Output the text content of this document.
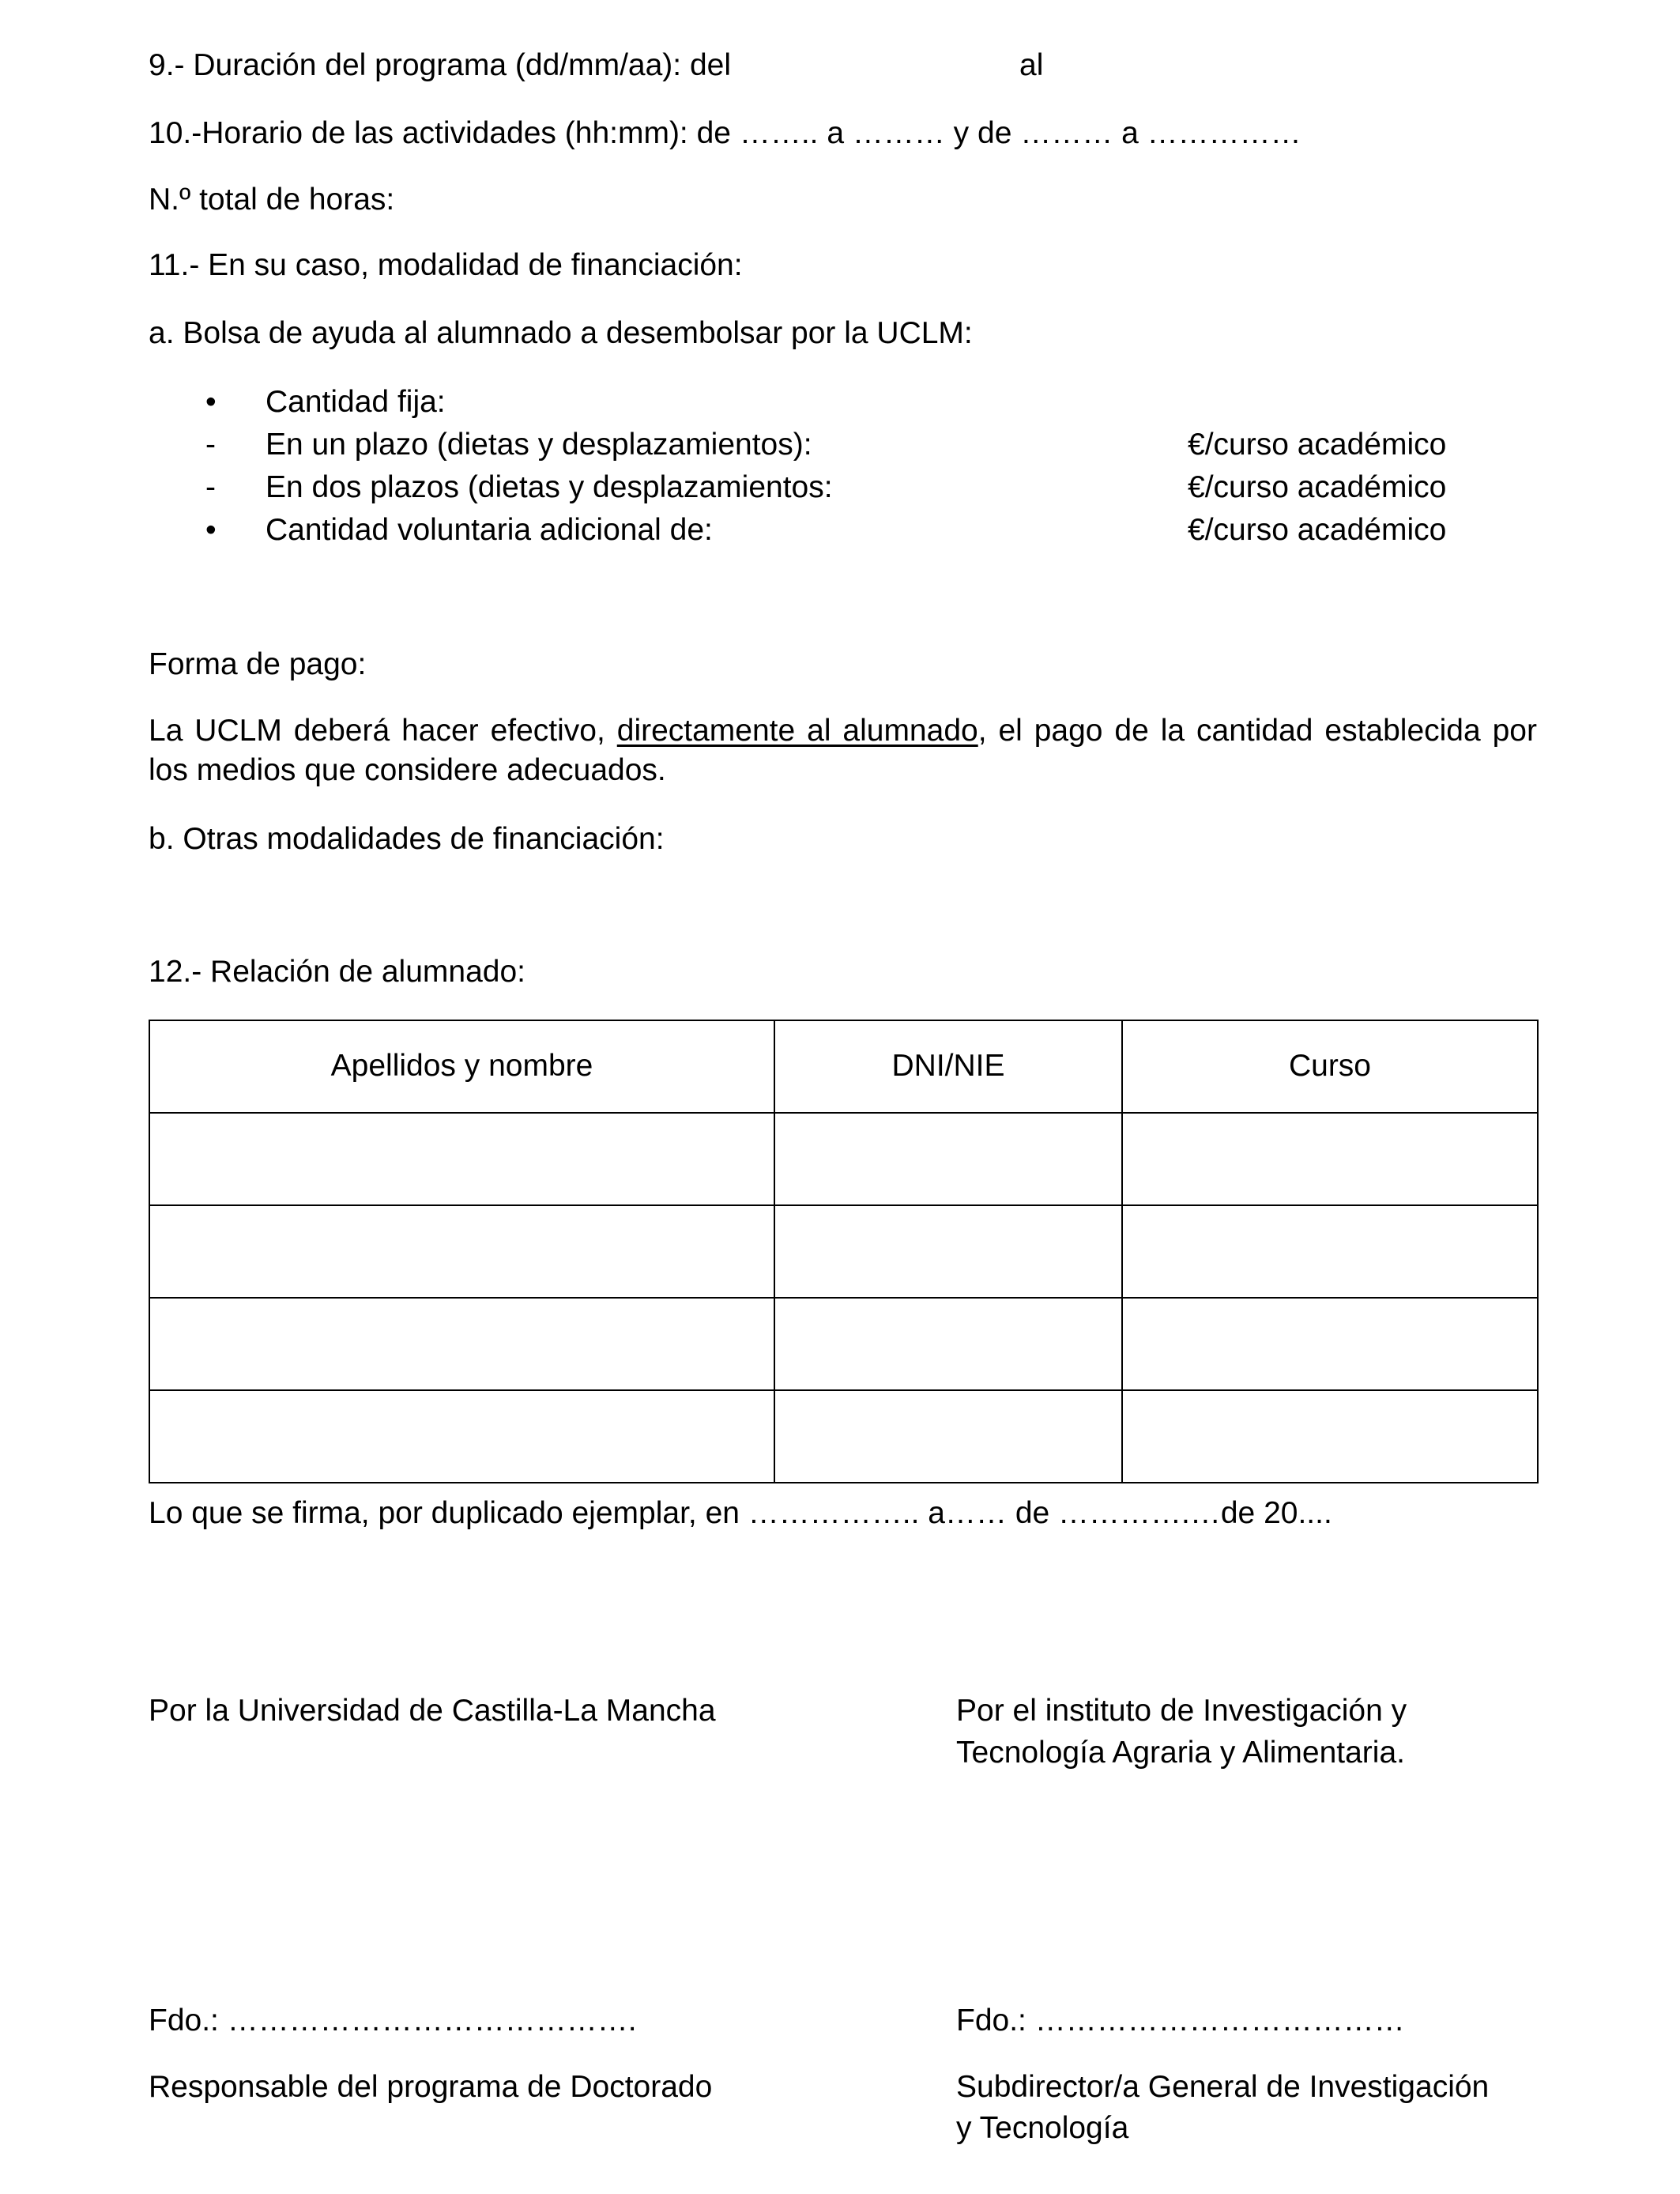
9.- Duración del programa (dd/mm/aa): del	al
10.-Horario de las actividades (hh:mm): de …….. a ……… y de ……… a ……………
N.º total de horas:
11.- En su caso, modalidad de financiación:
a. Bolsa de ayuda al alumnado a desembolsar por la UCLM:
• Cantidad fija:
- En un plazo (dietas y desplazamientos):	€/curso académico
- En dos plazos (dietas y desplazamientos:	€/curso académico
• Cantidad voluntaria adicional de:	€/curso académico
Forma de pago:
La UCLM deberá hacer efectivo, directamente al alumnado, el pago de la cantidad establecida por los medios que considere adecuados.
b. Otras modalidades de financiación:
12.- Relación de alumnado:
Apellidos y nombre	DNI/NIE	Curso

Lo que se firma, por duplicado ejemplar, en …………….. a…… de ………….…de 20....
Por la Universidad de Castilla-La Mancha	Por el instituto de Investigación y
Tecnología Agraria y Alimentaria.
Fdo.: ………………………………….	Fdo.: ………………………………
Responsable del programa de Doctorado	Subdirector/a General de Investigación
y Tecnología
